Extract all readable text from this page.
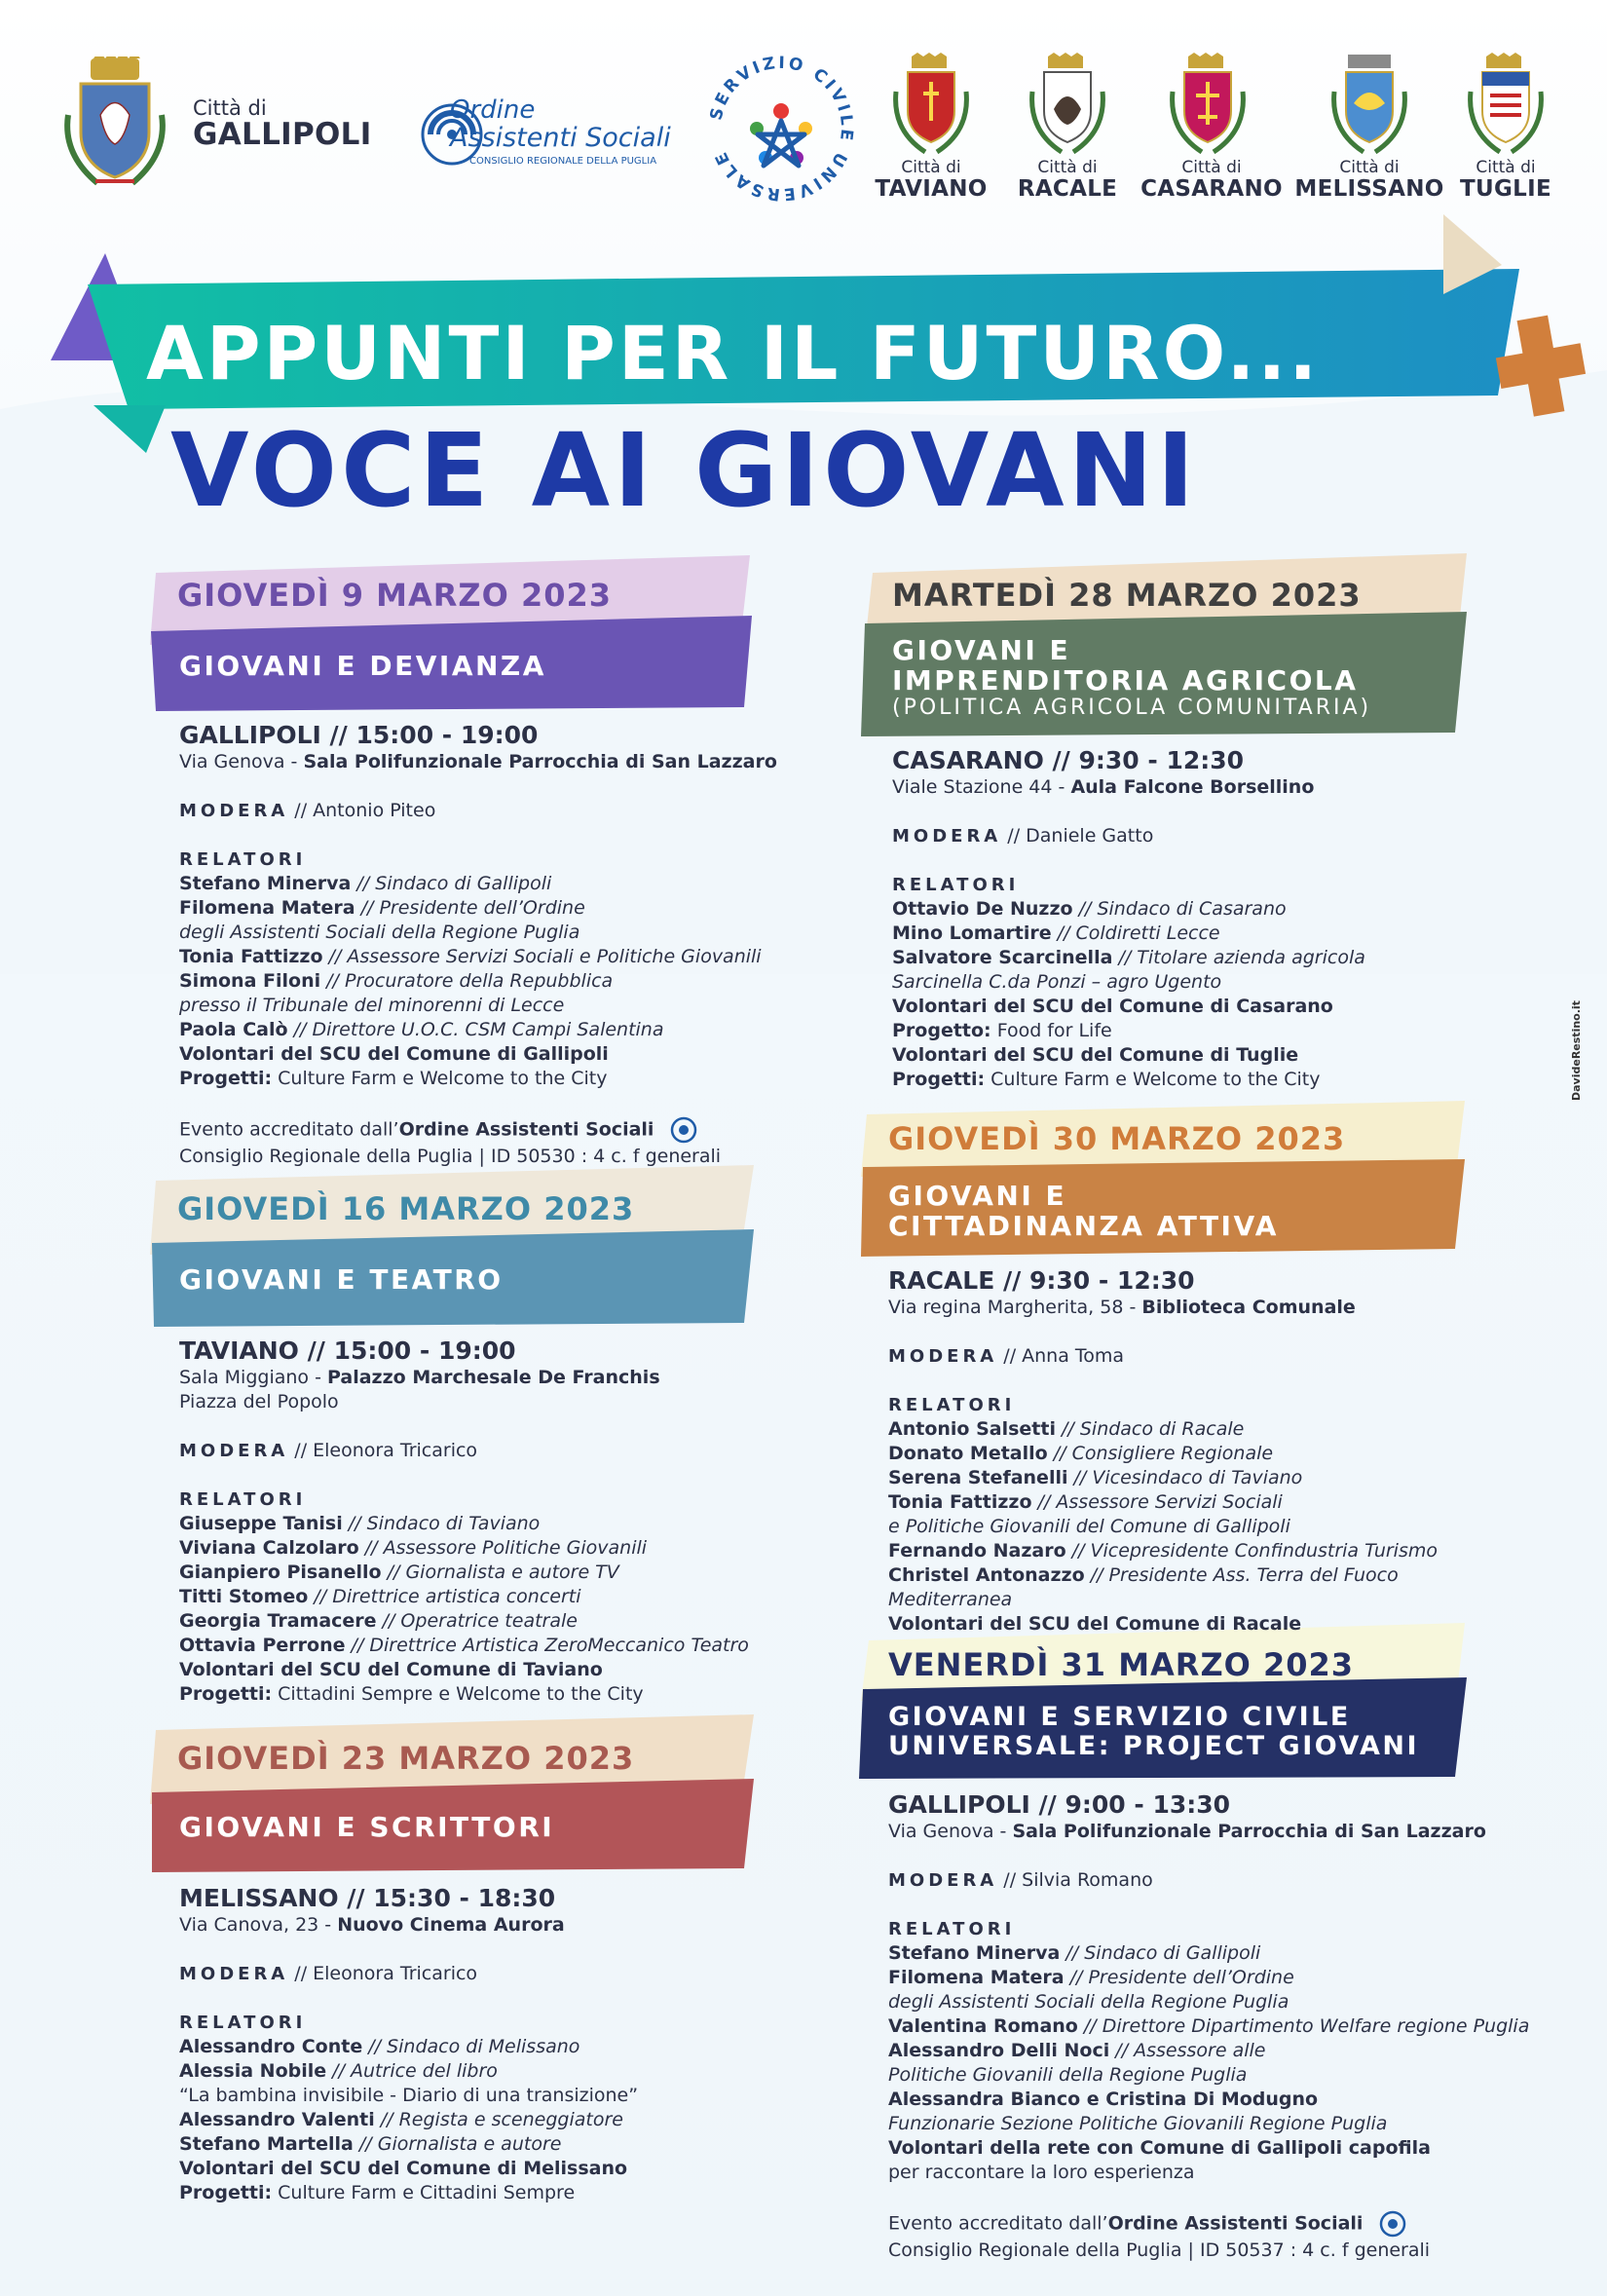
Città di
GALLIPOLI
Ordine
Assistenti Sociali
CONSIGLIO REGIONALE DELLA PUGLIA
SERVIZIO CIVILE UNIVERSALE	Città di
TAVIANO
Città di
RACALE
Città di
CASARANO
Città di
MELISSANO
Città di
TUGLIE
APPUNTI PER IL FUTURO...
VOCE AI GIOVANI
GIOVEDÌ 9 MARZO 2023
GIOVANI E DEVIANZA
GALLIPOLI // 15:00 - 19:00
Via Genova - Sala Polifunzionale Parrocchia di San Lazzaro
MODERA // Antonio Piteo
RELATORI
Stefano Minerva // Sindaco di Gallipoli
Filomena Matera // Presidente dell’Ordine
degli Assistenti Sociali della Regione Puglia
Tonia Fattizzo // Assessore Servizi Sociali e Politiche Giovanili
Simona Filoni // Procuratore della Repubblica
presso il Tribunale del minorenni di Lecce
Paola Calò // Direttore U.O.C. CSM Campi Salentina
Volontari del SCU del Comune di Gallipoli
Progetti: Culture Farm e Welcome to the City
Evento accreditato dall’Ordine Assistenti Sociali
Consiglio Regionale della Puglia | ID 50530 : 4 c. f generali
GIOVEDÌ 16 MARZO 2023
GIOVANI E TEATRO
TAVIANO // 15:00 - 19:00
Sala Miggiano - Palazzo Marchesale De Franchis
Piazza del Popolo
MODERA // Eleonora Tricarico
RELATORI
Giuseppe Tanisi // Sindaco di Taviano
Viviana Calzolaro // Assessore Politiche Giovanili
Gianpiero Pisanello // Giornalista e autore TV
Titti Stomeo // Direttrice artistica concerti
Georgia Tramacere // Operatrice teatrale
Ottavia Perrone // Direttrice Artistica ZeroMeccanico Teatro
Volontari del SCU del Comune di Taviano
Progetti: Cittadini Sempre e Welcome to the City
GIOVEDÌ 23 MARZO 2023
GIOVANI E SCRITTORI
MELISSANO // 15:30 - 18:30
Via Canova, 23 - Nuovo Cinema Aurora
MODERA // Eleonora Tricarico
RELATORI
Alessandro Conte // Sindaco di Melissano
Alessia Nobile // Autrice del libro
“La bambina invisibile - Diario di una transizione”
Alessandro Valenti // Regista e sceneggiatore
Stefano Martella // Giornalista e autore
Volontari del SCU del Comune di Melissano
Progetti: Culture Farm e Cittadini Sempre
MARTEDÌ 28 MARZO 2023
GIOVANI E
IMPRENDITORIA AGRICOLA
(POLITICA AGRICOLA COMUNITARIA)
CASARANO // 9:30 - 12:30
Viale Stazione 44 - Aula Falcone Borsellino
MODERA // Daniele Gatto
RELATORI
Ottavio De Nuzzo // Sindaco di Casarano
Mino Lomartire // Coldiretti Lecce
Salvatore Scarcinella // Titolare azienda agricola
Sarcinella C.da Ponzi – agro Ugento
Volontari del SCU del Comune di Casarano
Progetto: Food for Life
Volontari del SCU del Comune di Tuglie
Progetti: Culture Farm e Welcome to the City
GIOVEDÌ 30 MARZO 2023
GIOVANI E
CITTADINANZA ATTIVA
RACALE // 9:30 - 12:30
Via regina Margherita, 58 - Biblioteca Comunale
MODERA // Anna Toma
RELATORI
Antonio Salsetti // Sindaco di Racale
Donato Metallo // Consigliere Regionale
Serena Stefanelli // Vicesindaco di Taviano
Tonia Fattizzo // Assessore Servizi Sociali
e Politiche Giovanili del Comune di Gallipoli
Fernando Nazaro // Vicepresidente Confindustria Turismo
Christel Antonazzo // Presidente Ass. Terra del Fuoco Mediterranea
Volontari del SCU del Comune di Racale
VENERDÌ 31 MARZO 2023
GIOVANI E SERVIZIO CIVILE
UNIVERSALE: PROJECT GIOVANI
GALLIPOLI // 9:00 - 13:30
Via Genova - Sala Polifunzionale Parrocchia di San Lazzaro
MODERA // Silvia Romano
RELATORI
Stefano Minerva // Sindaco di Gallipoli
Filomena Matera // Presidente dell’Ordine
degli Assistenti Sociali della Regione Puglia
Valentina Romano // Direttore Dipartimento Welfare regione Puglia
Alessandro Delli Noci // Assessore alle
Politiche Giovanili della Regione Puglia
Alessandra Bianco e Cristina Di Modugno
Funzionarie Sezione Politiche Giovanili Regione Puglia
Volontari della rete con Comune di Gallipoli capofila
per raccontare la loro esperienza
Evento accreditato dall’Ordine Assistenti Sociali
Consiglio Regionale della Puglia | ID 50537 : 4 c. f generali
DavideRestino.it
